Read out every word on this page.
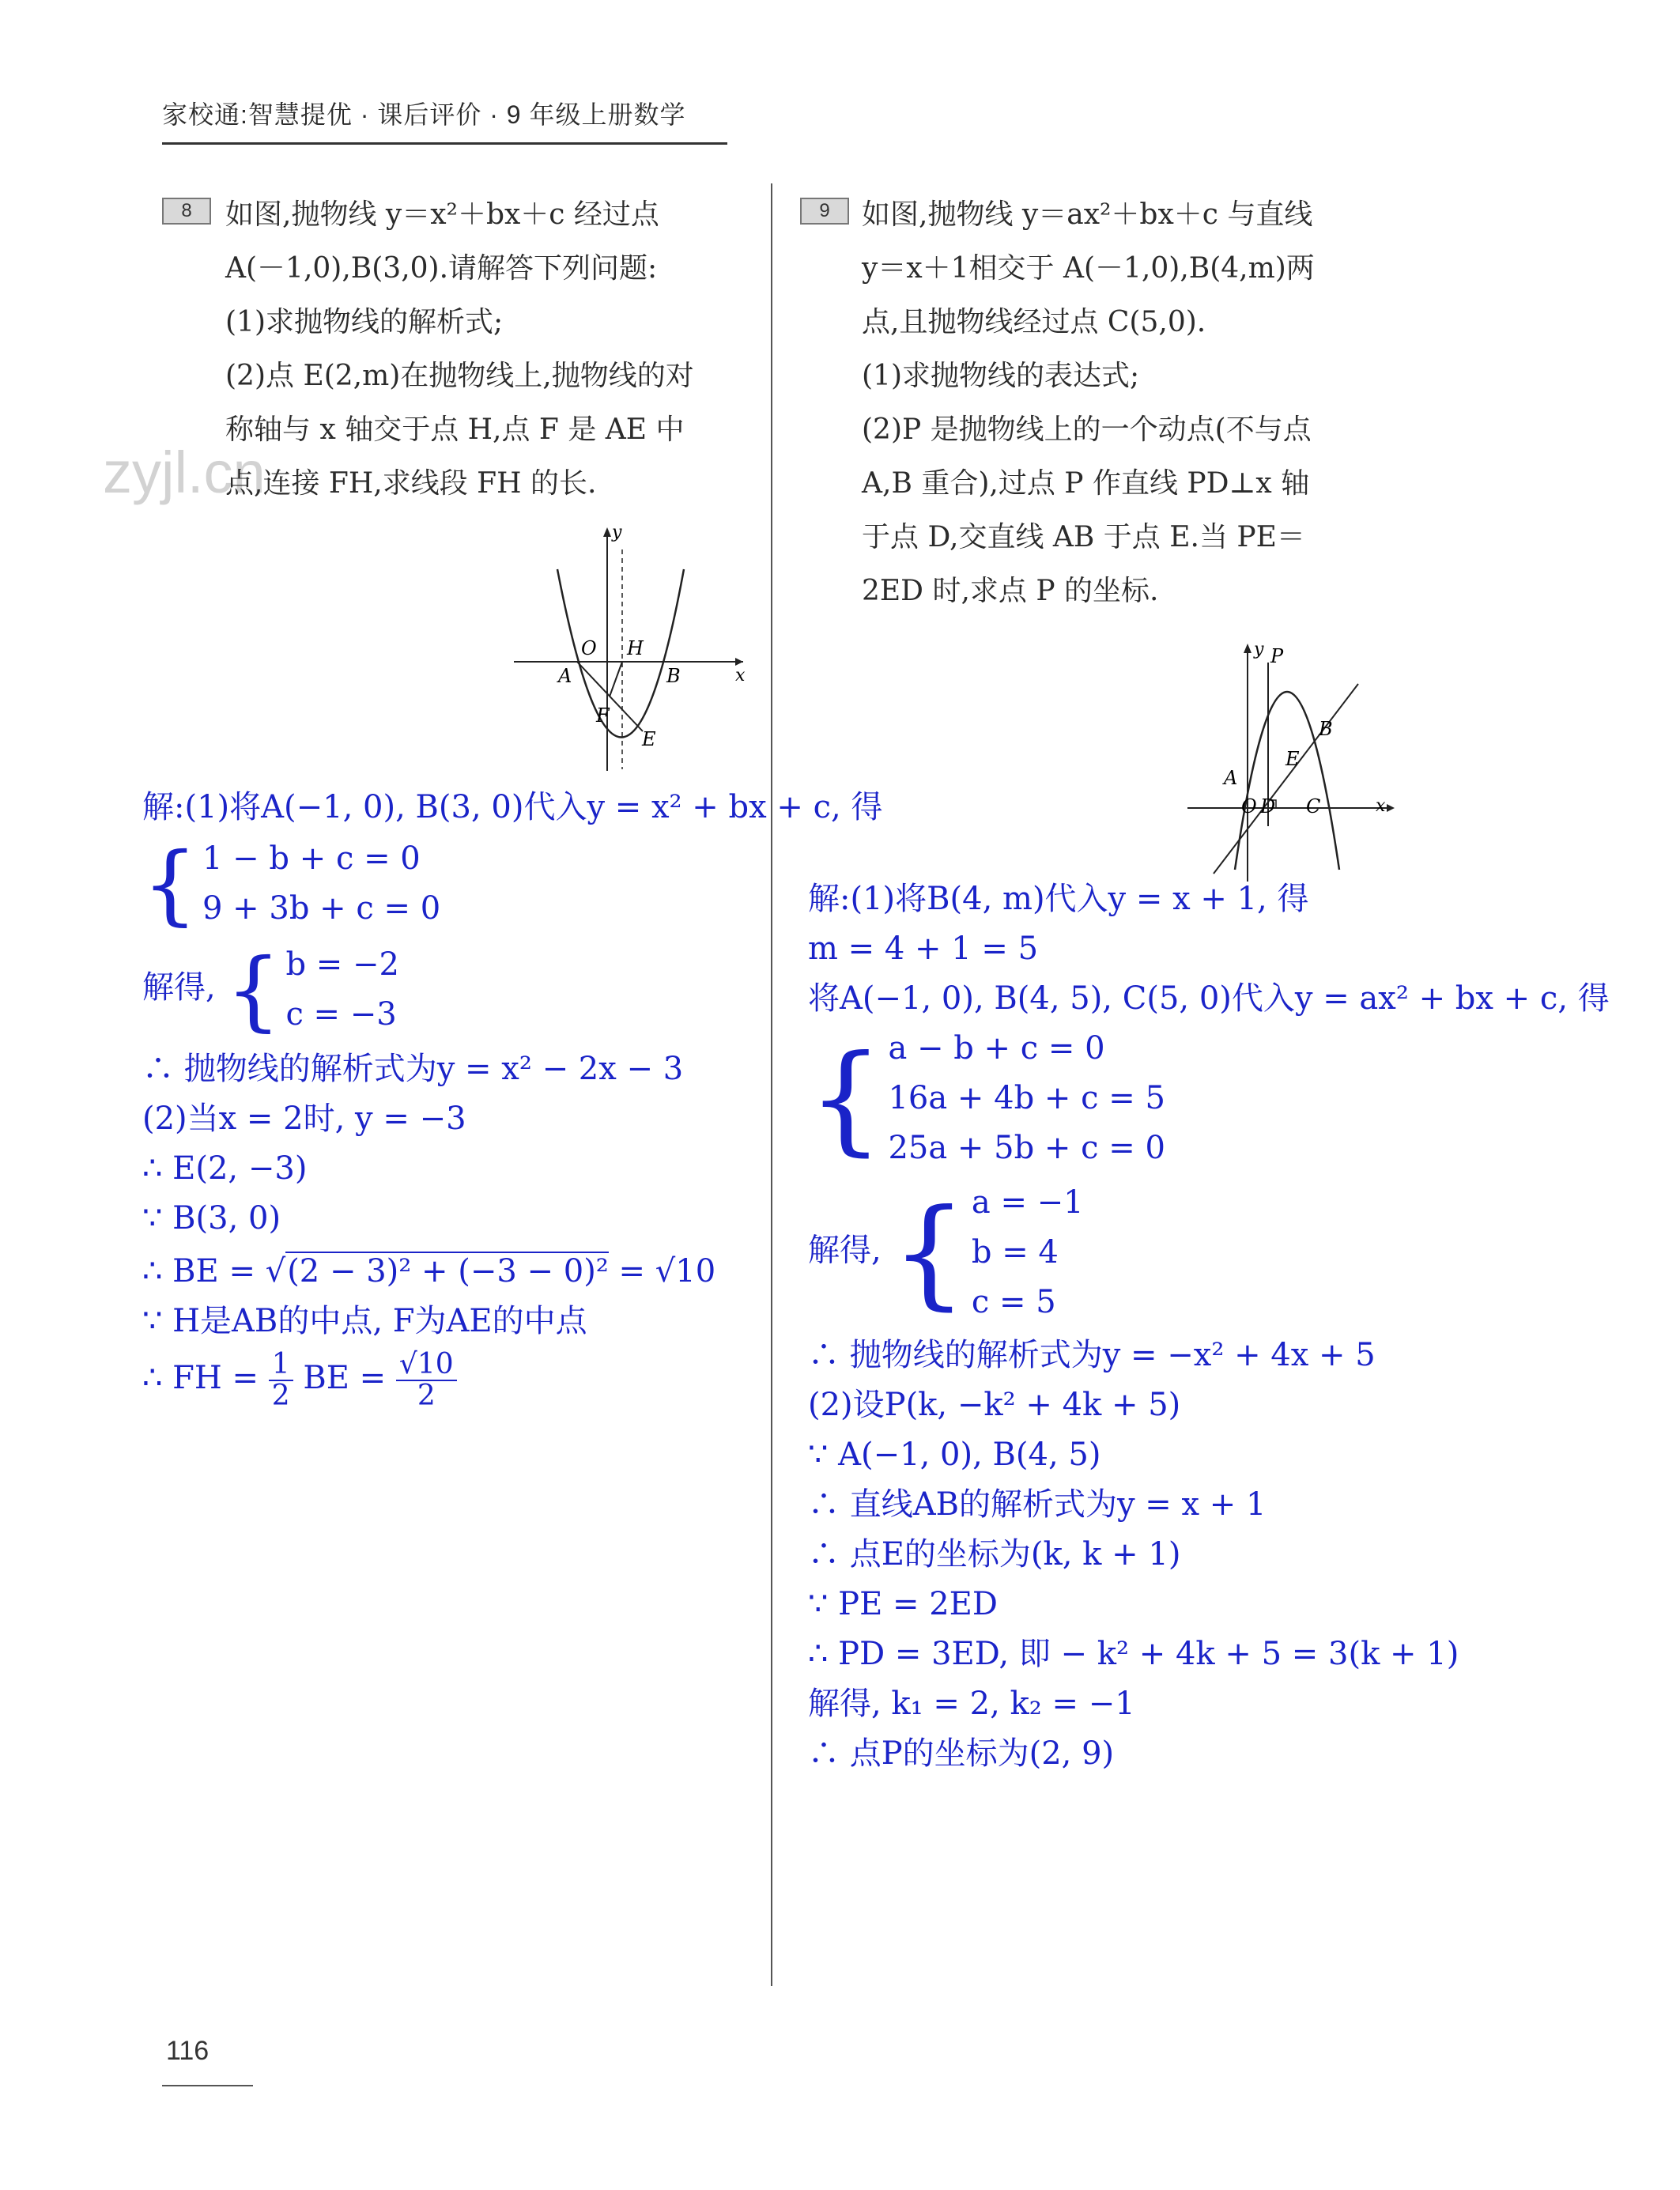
家校通:智慧提优 · 课后评价 · 9 年级上册数学
zyjl.cn
8	如图,抛物线 y＝x²＋bx＋c 经过点
A(－1,0),B(3,0).请解答下列问题:
(1)求抛物线的解析式;
(2)点 E(2,m)在抛物线上,抛物线的对
称轴与 x 轴交于点 H,点 F 是 AE 中
点,连接 FH,求线段 FH 的长.
y
x
O H
A	B
F
E
9	如图,抛物线 y＝ax²＋bx＋c 与直线
y＝x＋1相交于 A(－1,0),B(4,m)两
点,且抛物线经过点 C(5,0).
(1)求抛物线的表达式;
(2)P 是抛物线上的一个动点(不与点
A,B 重合),过点 P 作直线 PD⊥x 轴
于点 D,交直线 AB 于点 E.当 PE＝
2ED 时,求点 P 的坐标.
y P
B
E
A
O D C	x
解:(1)将A(−1, 0), B(3, 0)代入y = x² + bx + c, 得
{ 1 − b + c = 0
9 + 3b + c = 0
解得, { b = −2
c = −3
∴ 抛物线的解析式为y = x² − 2x − 3
(2)当x = 2时, y = −3
∴ E(2, −3)
∵ B(3, 0)
∴ BE = √(2 − 3)² + (−3 − 0)² = √10
∵ H是AB的中点, F为AE的中点
∴ FH = $\frac{1}{2}$ BE = $\frac{√10}{2}$
解:(1)将B(4, m)代入y = x + 1, 得
m = 4 + 1 = 5
将A(−1, 0), B(4, 5), C(5, 0)代入y = ax² + bx + c, 得
{ a − b + c = 0
16a + 4b + c = 5
25a + 5b + c = 0
解得, { a = −1
b = 4
c = 5
∴ 抛物线的解析式为y = −x² + 4x + 5
(2)设P(k, −k² + 4k + 5)
∵ A(−1, 0), B(4, 5)
∴ 直线AB的解析式为y = x + 1
∴ 点E的坐标为(k, k + 1)
∵ PE = 2ED
∴ PD = 3ED, 即 − k² + 4k + 5 = 3(k + 1)
解得, k₁ = 2, k₂ = −1
∴ 点P的坐标为(2, 9)
116
